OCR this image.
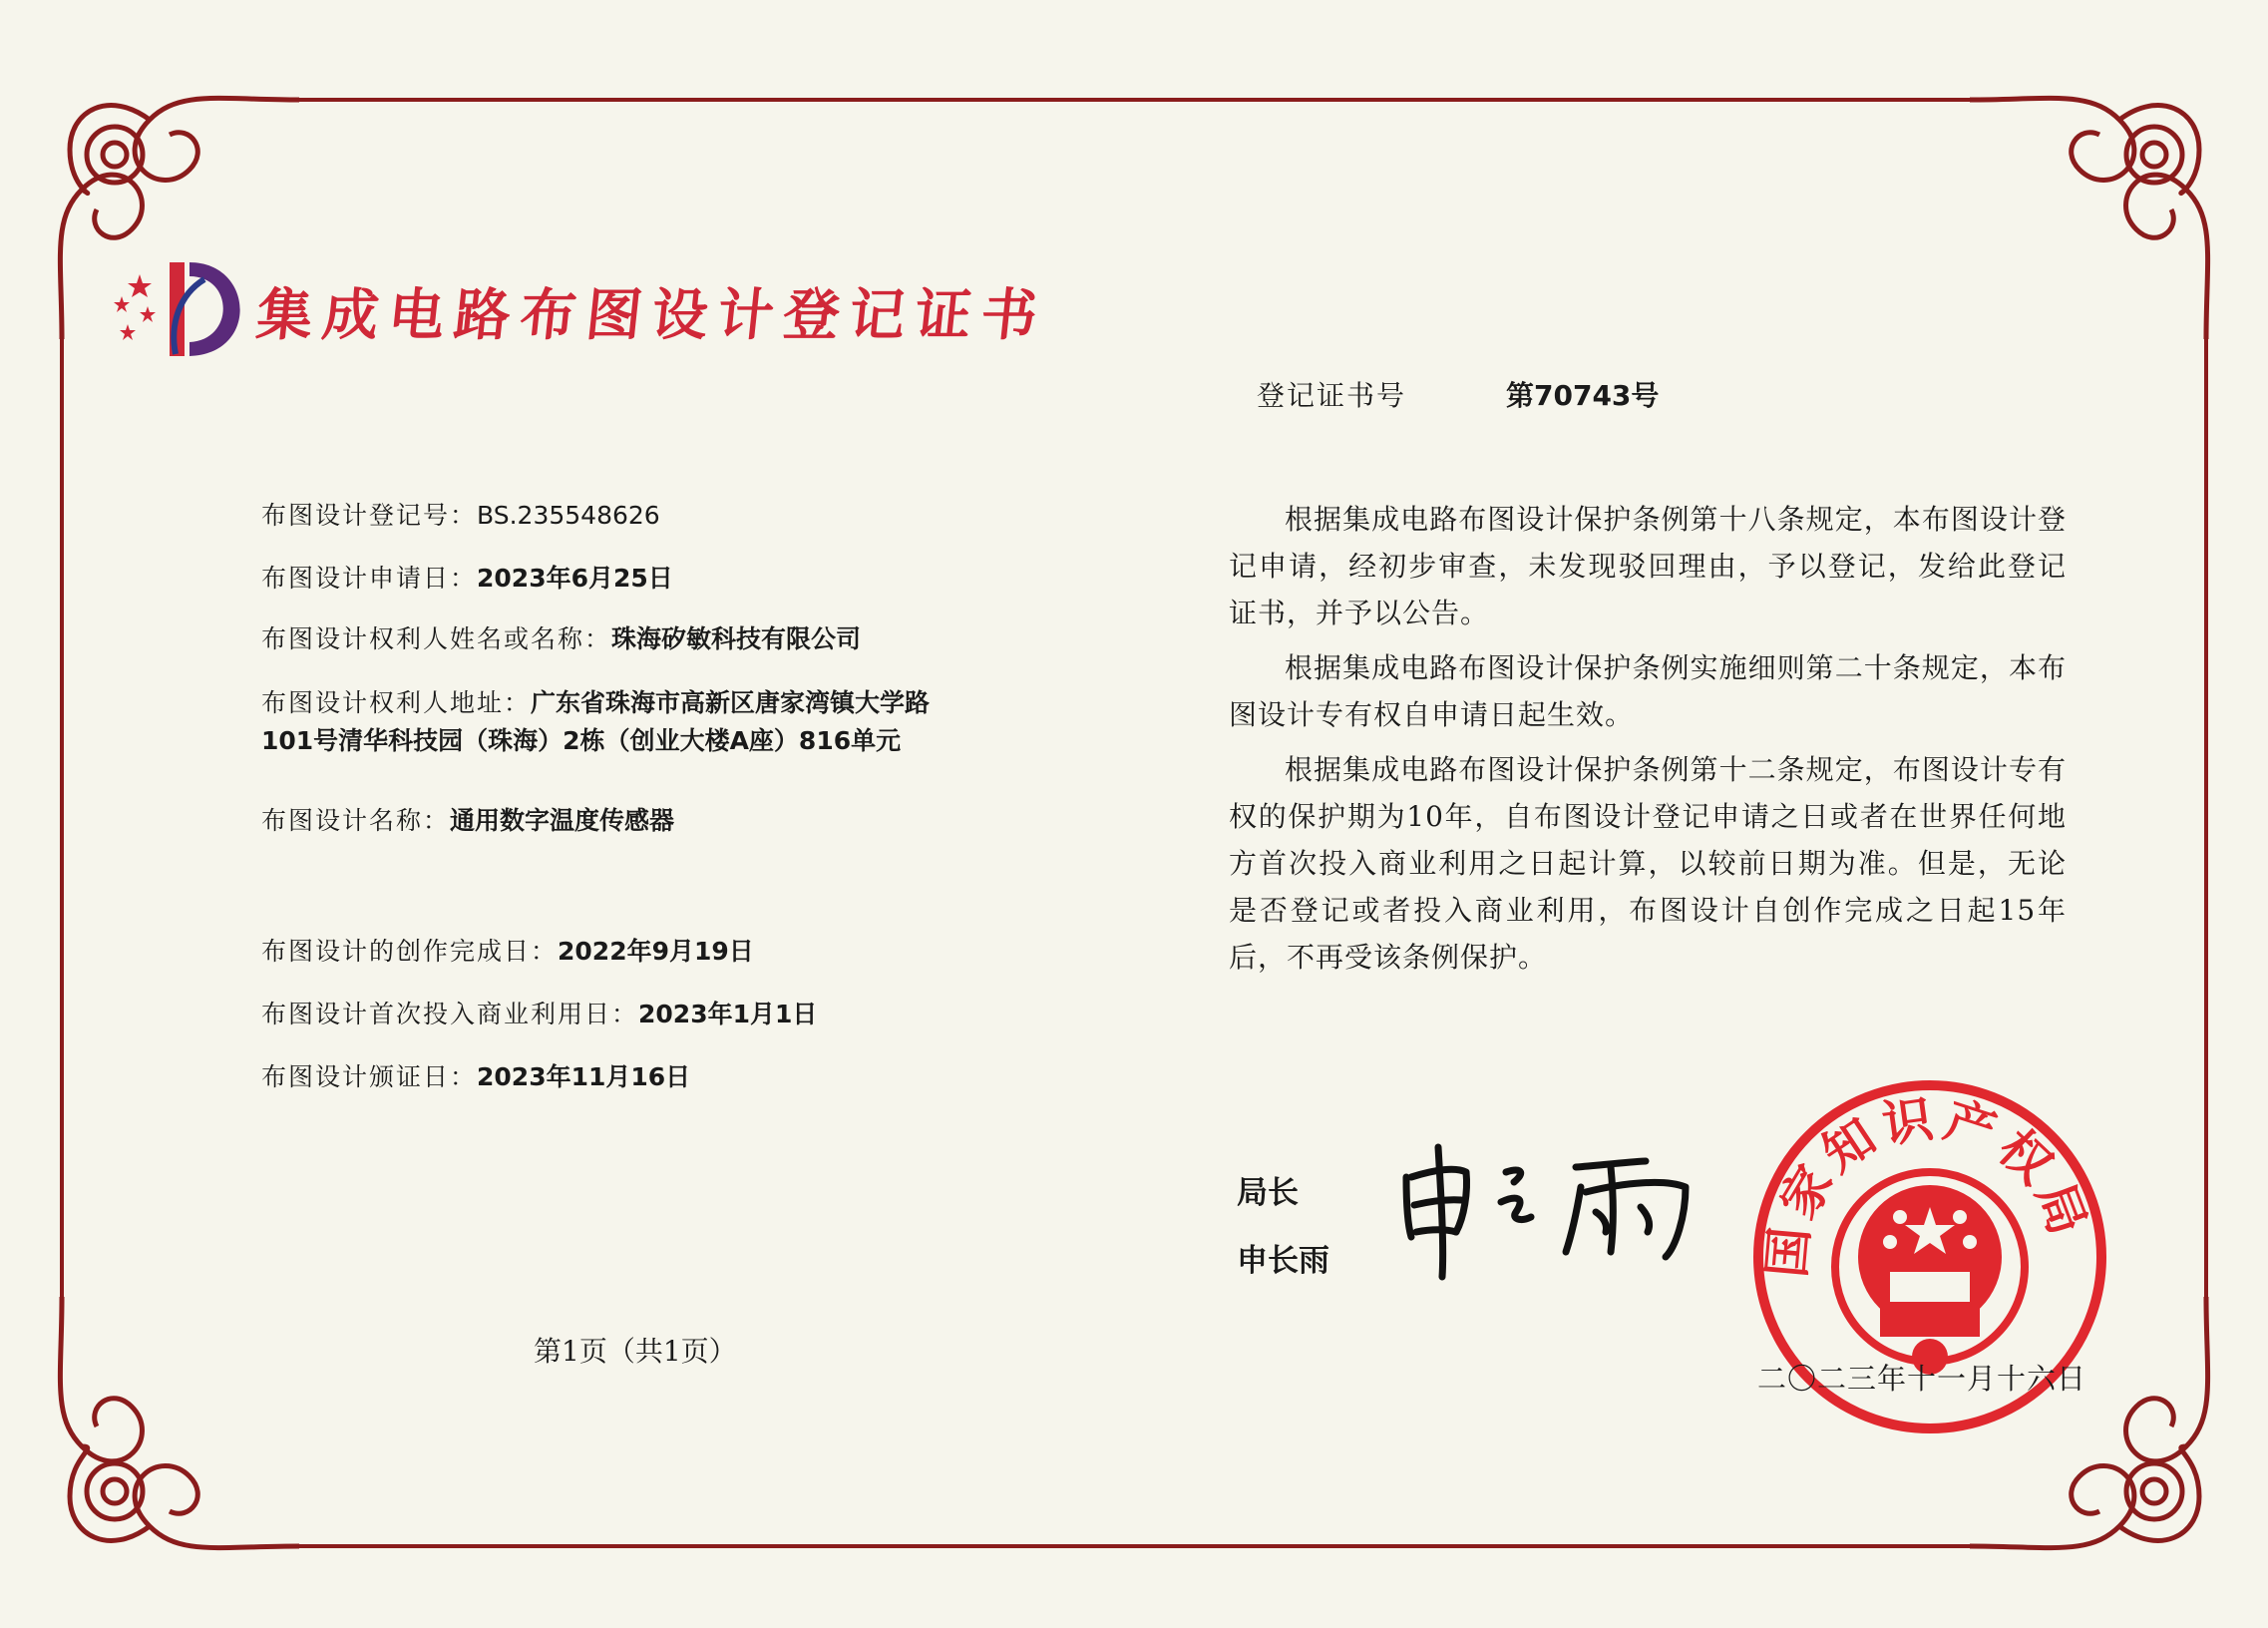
集成电路布图设计登记证书
登记证书号	第70743号
布图设计登记号：BS.235548626
布图设计申请日：2023年6月25日
布图设计权利人姓名或名称：珠海矽敏科技有限公司
布图设计权利人地址：广东省珠海市高新区唐家湾镇大学路101号清华科技园（珠海）2栋（创业大楼A座）816单元
布图设计名称：通用数字温度传感器
布图设计的创作完成日：2022年9月19日
布图设计首次投入商业利用日：2023年1月1日
布图设计颁证日：2023年11月16日
根据集成电路布图设计保护条例第十八条规定，本布图设计登记申请，经初步审查，未发现驳回理由，予以登记，发给此登记证书，并予以公告。
根据集成电路布图设计保护条例实施细则第二十条规定，本布图设计专有权自申请日起生效。
根据集成电路布图设计保护条例第十二条规定，布图设计专有权的保护期为10年，自布图设计登记申请之日或者在世界任何地方首次投入商业利用之日起计算，以较前日期为准。但是，无论是否登记或者投入商业利用，布图设计自创作完成之日起15年后，不再受该条例保护。
第1页（共1页）
局长
申长雨	国家知识产权局
二〇二三年十一月十六日
